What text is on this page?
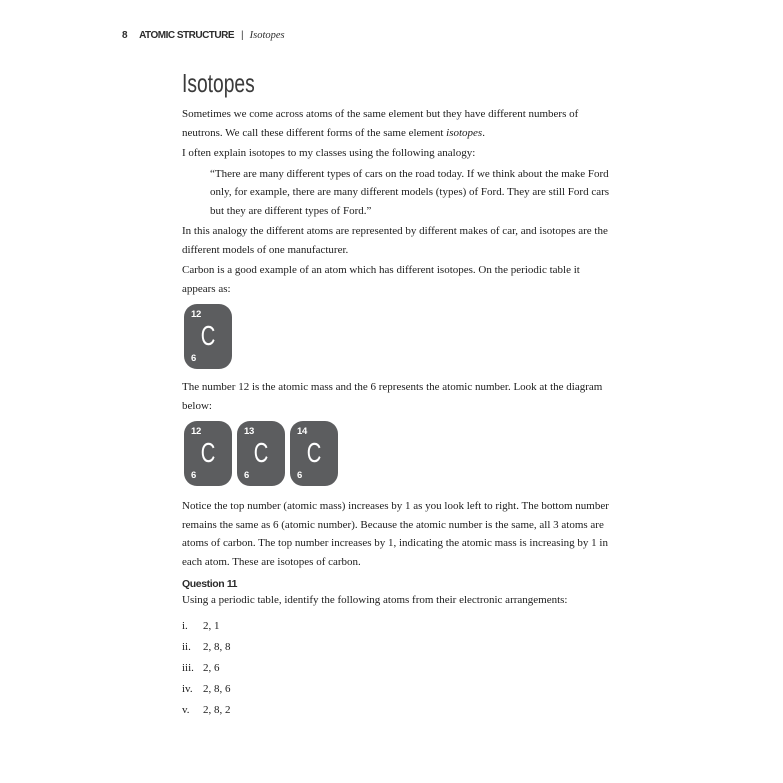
8 ATOMIC STRUCTURE | Isotopes
Isotopes

Sometimes we come across atoms of the same element but they have different numbers of neutrons. We call these different forms of the same element isotopes.

I often explain isotopes to my classes using the following analogy:

“There are many different types of cars on the road today. If we think about the make Ford only, for example, there are many different models (types) of Ford. They are still Ford cars but they are different types of Ford.”

In this analogy the different atoms are represented by different makes of car, and isotopes are the different models of one manufacturer.

Carbon is a good example of an atom which has different isotopes. On the periodic table it appears as:

12
C
6

The number 12 is the atomic mass and the 6 represents the atomic number. Look at the diagram below:

12
C
6
13
C
6
14
C
6

Notice the top number (atomic mass) increases by 1 as you look left to right. The bottom number remains the same as 6 (atomic number). Because the atomic number is the same, all 3 atoms are atoms of carbon. The top number increases by 1, indicating the atomic mass is increasing by 1 in each atom. These are isotopes of carbon.

Question 11

Using a periodic table, identify the following atoms from their electronic arrangements:

i.	2, 1
ii.	2, 8, 8
iii. 2, 6
iv. 2, 8, 6
v.	2, 8, 2
